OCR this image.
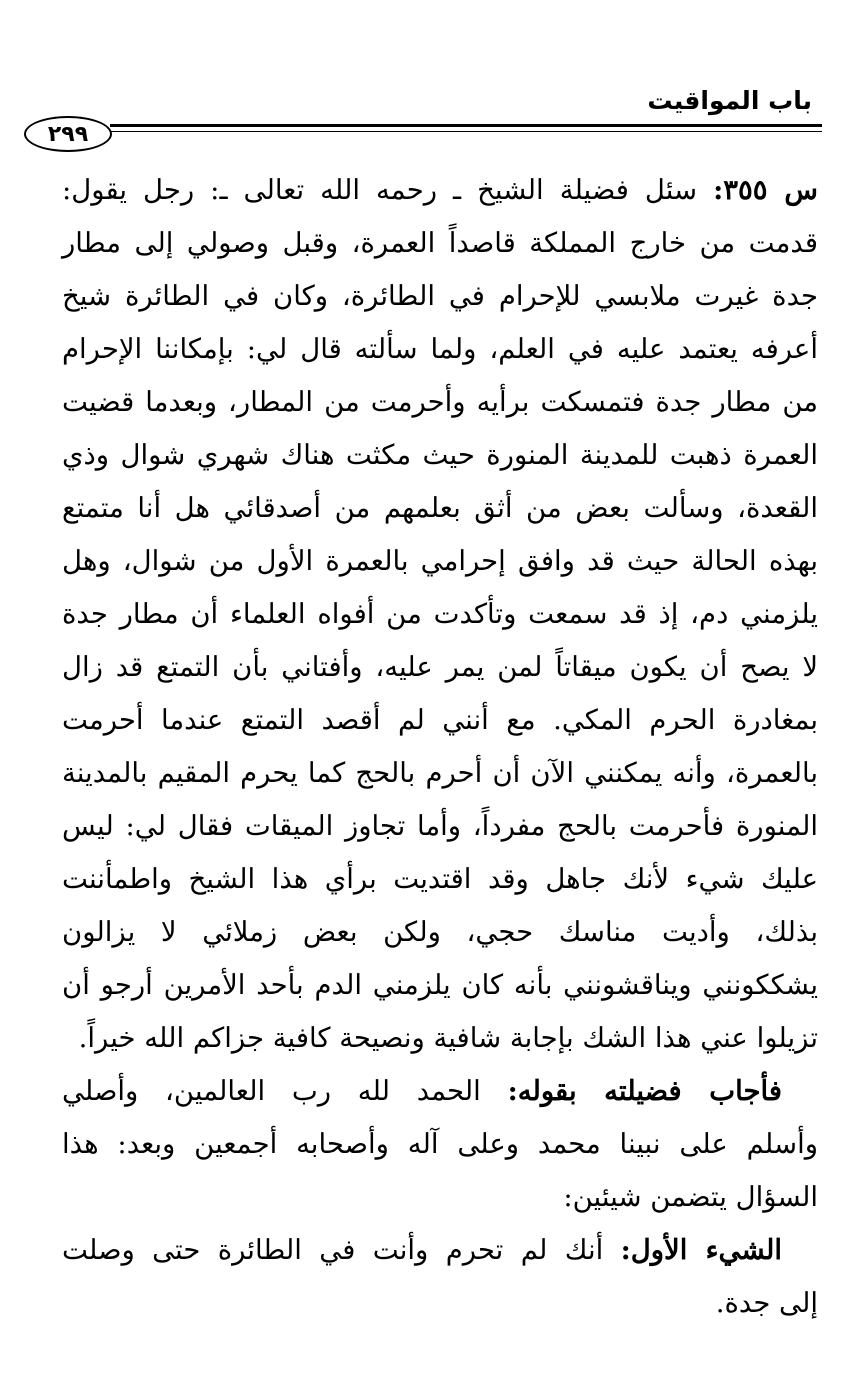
باب المواقيت
٢٩٩
س ٣٥٥: سئل فضيلة الشيخ ـ رحمه الله تعالى ـ: رجل يقول:
قدمت من خارج المملكة قاصداً العمرة، وقبل وصولي إلى مطار
جدة غيرت ملابسي للإحرام في الطائرة، وكان في الطائرة شيخ
أعرفه يعتمد عليه في العلم، ولما سألته قال لي: بإمكاننا الإحرام
من مطار جدة فتمسكت برأيه وأحرمت من المطار، وبعدما قضيت
العمرة ذهبت للمدينة المنورة حيث مكثت هناك شهري شوال وذي
القعدة، وسألت بعض من أثق بعلمهم من أصدقائي هل أنا متمتع
بهذه الحالة حيث قد وافق إحرامي بالعمرة الأول من شوال، وهل
يلزمني دم، إذ قد سمعت وتأكدت من أفواه العلماء أن مطار جدة
لا يصح أن يكون ميقاتاً لمن يمر عليه، وأفتاني بأن التمتع قد زال
بمغادرة الحرم المكي. مع أنني لم أقصد التمتع عندما أحرمت
بالعمرة، وأنه يمكنني الآن أن أحرم بالحج كما يحرم المقيم بالمدينة
المنورة فأحرمت بالحج مفرداً، وأما تجاوز الميقات فقال لي: ليس
عليك شيء لأنك جاهل وقد اقتديت برأي هذا الشيخ واطمأننت
بذلك، وأديت مناسك حجي، ولكن بعض زملائي لا يزالون
يشككونني ويناقشونني بأنه كان يلزمني الدم بأحد الأمرين أرجو أن
تزيلوا عني هذا الشك بإجابة شافية ونصيحة كافية جزاكم الله خيراً.
فأجاب فضيلته بقوله: الحمد لله رب العالمين، وأصلي
وأسلم على نبينا محمد وعلى آله وأصحابه أجمعين وبعد: هذا
السؤال يتضمن شيئين:
الشيء الأول: أنك لم تحرم وأنت في الطائرة حتى وصلت
إلى جدة.
